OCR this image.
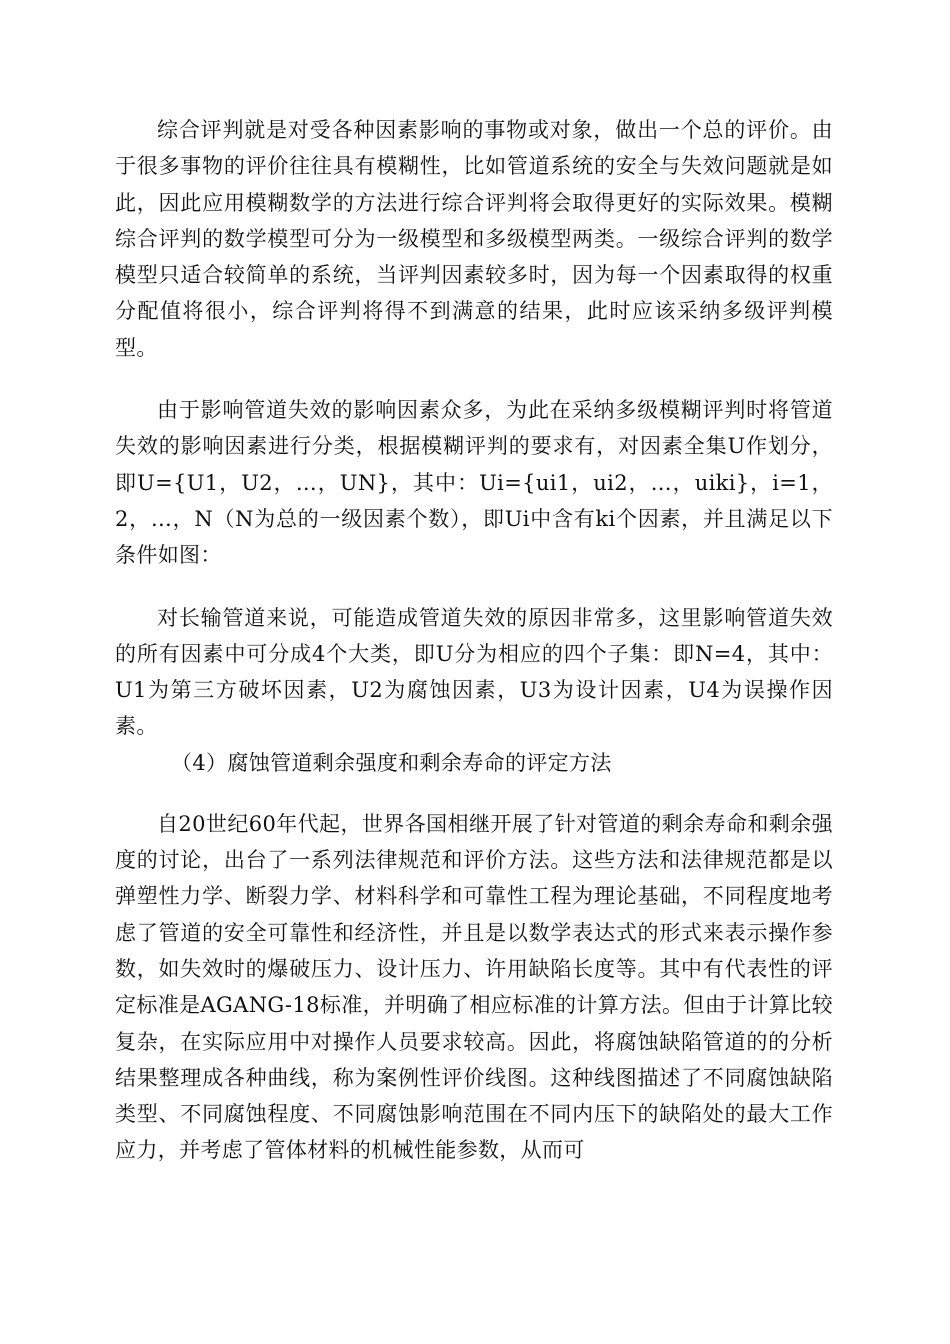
综合评判就是对受各种因素影响的事物或对象，做出一个总的评价。由于很多事物的评价往往具有模糊性，比如管道系统的安全与失效问题就是如此，因此应用模糊数学的方法进行综合评判将会取得更好的实际效果。模糊综合评判的数学模型可分为一级模型和多级模型两类。一级综合评判的数学模型只适合较简单的系统，当评判因素较多时，因为每一个因素取得的权重分配值将很小，综合评判将得不到满意的结果，此时应该采纳多级评判模型。

由于影响管道失效的影响因素众多，为此在采纳多级模糊评判时将管道失效的影响因素进行分类，根据模糊评判的要求有，对因素全集U作划分，即U={U1，U2，…，UN}，其中：Ui={ui1，ui2，…，uiki}，i=1，2，…，N（N为总的一级因素个数），即Ui中含有ki个因素，并且满足以下条件如图：

对长输管道来说，可能造成管道失效的原因非常多，这里影响管道失效的所有因素中可分成4个大类，即U分为相应的四个子集：即N=4，其中：U1为第三方破坏因素，U2为腐蚀因素，U3为设计因素，U4为误操作因素。

（4）腐蚀管道剩余强度和剩余寿命的评定方法

自20世纪60年代起，世界各国相继开展了针对管道的剩余寿命和剩余强度的讨论，出台了一系列法律规范和评价方法。这些方法和法律规范都是以弹塑性力学、断裂力学、材料科学和可靠性工程为理论基础，不同程度地考虑了管道的安全可靠性和经济性，并且是以数学表达式的形式来表示操作参数，如失效时的爆破压力、设计压力、许用缺陷长度等。其中有代表性的评定标准是AGANG-18标准，并明确了相应标准的计算方法。但由于计算比较复杂，在实际应用中对操作人员要求较高。因此，将腐蚀缺陷管道的的分析结果整理成各种曲线，称为案例性评价线图。这种线图描述了不同腐蚀缺陷类型、不同腐蚀程度、不同腐蚀影响范围在不同内压下的缺陷处的最大工作应力，并考虑了管体材料的机械性能参数，从而可
